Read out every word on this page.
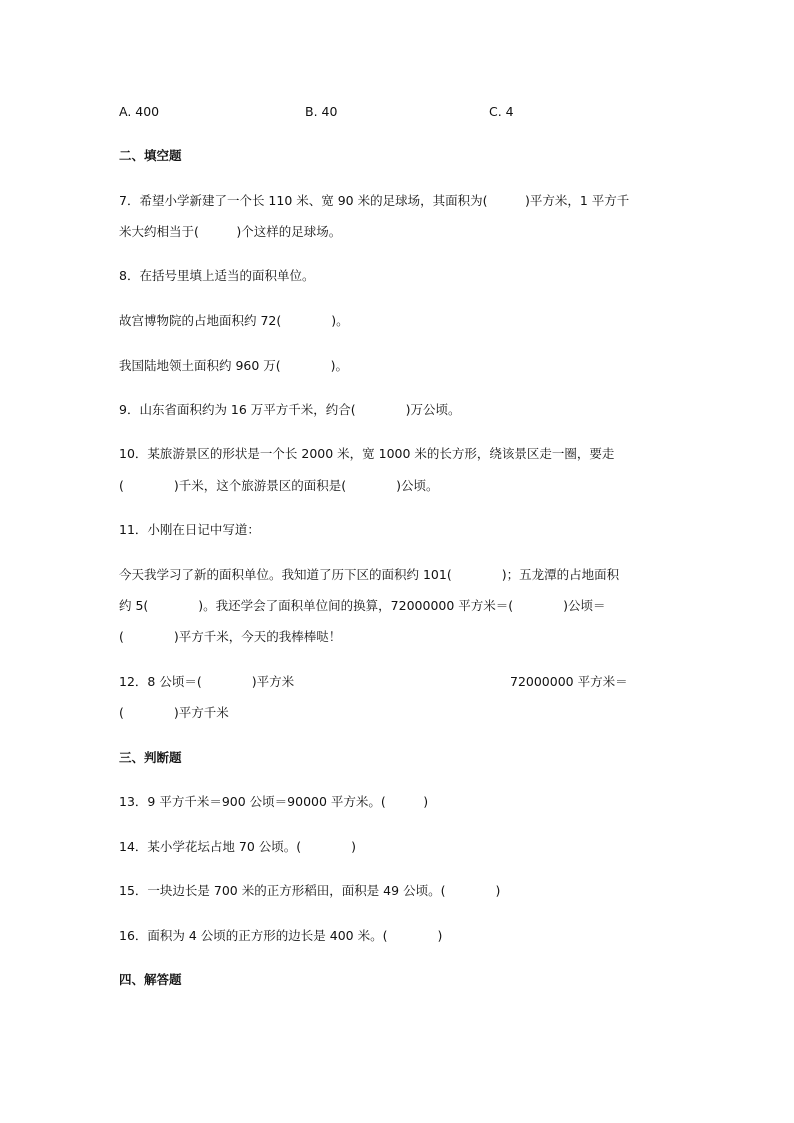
A. 400	B. 40	C. 4
二、填空题
7．希望小学新建了一个长 110 米、宽 90 米的足球场，其面积为(　　　)平方米，1 平方千
米大约相当于(　　　)个这样的足球场。
8．在括号里填上适当的面积单位。
故宫博物院的占地面积约 72(　　　　)。
我国陆地领土面积约 960 万(　　　　)。
9．山东省面积约为 16 万平方千米，约合(　　　　)万公顷。
10．某旅游景区的形状是一个长 2000 米，宽 1000 米的长方形，绕该景区走一圈，要走
(　　　　)千米，这个旅游景区的面积是(　　　　)公顷。
11．小刚在日记中写道：
今天我学习了新的面积单位。我知道了历下区的面积约 101(　　　　)；五龙潭的占地面积
约 5(　　　　)。我还学会了面积单位间的换算，72000000 平方米＝(　　　　)公顷＝
(　　　　)平方千米，今天的我棒棒哒！
12．8 公顷＝(　　　　)平方米	72000000 平方米＝
(　　　　)平方千米
三、判断题
13．9 平方千米＝900 公顷＝90000 平方米。(　　　)
14．某小学花坛占地 70 公顷。(　　　　)
15．一块边长是 700 米的正方形稻田，面积是 49 公顷。(　　　　)
16．面积为 4 公顷的正方形的边长是 400 米。(　　　　)
四、解答题
